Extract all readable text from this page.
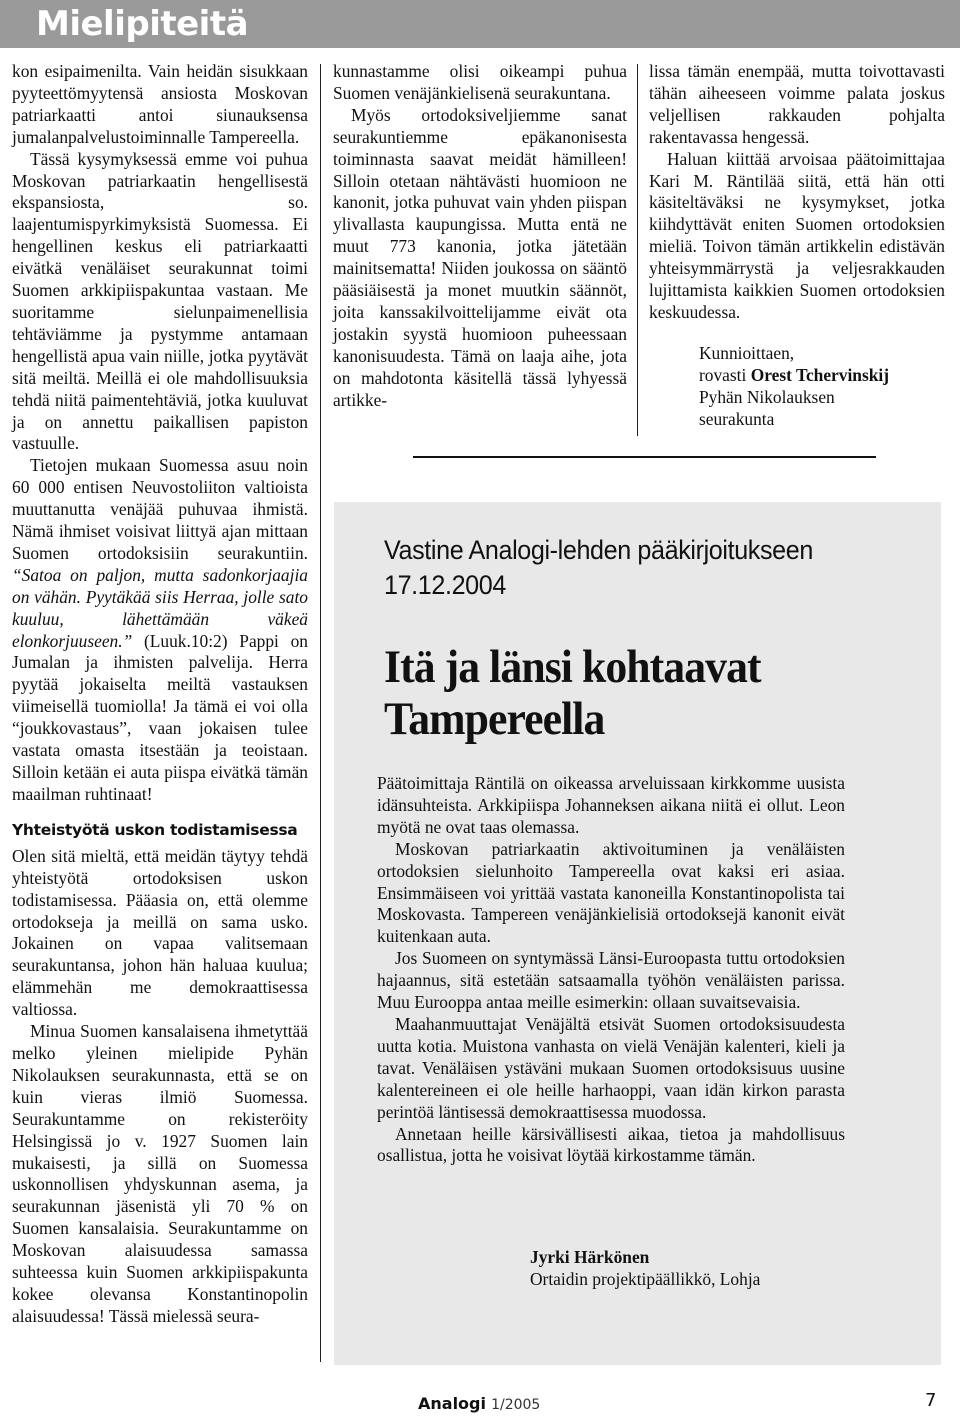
Mielipiteitä

kon esipaimenilta. Vain heidän sisukkaan pyyteettömyytensä ansiosta Moskovan patriarkaatti antoi siunauksensa jumalanpalvelustoiminnalle Tampereella.

Tässä kysymyksessä emme voi puhua Moskovan patriarkaatin hengellisestä ekspansiosta, so. laajentumispyrkimyksistä Suomessa. Ei hengellinen keskus eli patriarkaatti eivätkä venäläiset seurakunnat toimi Suomen arkkipiispakuntaa vastaan. Me suoritamme sielunpaimenellisia tehtäviämme ja pystymme antamaan hengellistä apua vain niille, jotka pyytävät sitä meiltä. Meillä ei ole mahdollisuuksia tehdä niitä paimentehtäviä, jotka kuuluvat ja on annettu paikallisen papiston vastuulle.

Tietojen mukaan Suomessa asuu noin 60 000 entisen Neuvostoliiton valtioista muuttanutta venäjää puhuvaa ihmistä. Nämä ihmiset voisivat liittyä ajan mittaan Suomen ortodoksisiin seurakuntiin. “Satoa on paljon, mutta sadonkorjaajia on vähän. Pyytäkää siis Herraa, jolle sato kuuluu, lähettämään väkeä elonkorjuuseen.” (Luuk.10:2) Pappi on Jumalan ja ihmisten palvelija. Herra pyytää jokaiselta meiltä vastauksen viimeisellä tuomiolla! Ja tämä ei voi olla “joukkovastaus”, vaan jokaisen tulee vastata omasta itsestään ja teoistaan. Silloin ketään ei auta piispa eivätkä tämän maailman ruhtinaat!

Yhteistyötä uskon todistamisessa

Olen sitä mieltä, että meidän täytyy tehdä yhteistyötä ortodoksisen uskon todistamisessa. Pääasia on, että olemme ortodokseja ja meillä on sama usko. Jokainen on vapaa valitsemaan seurakuntansa, johon hän haluaa kuulua; elämmehän me demokraattisessa valtiossa.

Minua Suomen kansalaisena ihmetyttää melko yleinen mielipide Pyhän Nikolauksen seurakunnasta, että se on kuin vieras ilmiö Suomessa. Seurakuntamme on rekisteröity Helsingissä jo v. 1927 Suomen lain mukaisesti, ja sillä on Suomessa uskonnollisen yhdyskunnan asema, ja seurakunnan jäsenistä yli 70 % on Suomen kansalaisia. Seurakuntamme on Moskovan alaisuudessa samassa suhteessa kuin Suomen arkkipiispakunta kokee olevansa Konstantinopolin alaisuudessa! Tässä mielessä seura-

kunnastamme olisi oikeampi puhua Suomen venäjänkielisenä seurakuntana.

Myös ortodoksiveljiemme sanat seurakuntiemme epäkanonisesta toiminnasta saavat meidät hämilleen! Silloin otetaan nähtävästi huomioon ne kanonit, jotka puhuvat vain yhden piispan ylivallasta kaupungissa. Mutta entä ne muut 773 kanonia, jotka jätetään mainitsematta! Niiden joukossa on sääntö pääsiäisestä ja monet muutkin säännöt, joita kanssakilvoittelijamme eivät ota jostakin syystä huomioon puheessaan kanonisuudesta. Tämä on laaja aihe, jota on mahdotonta käsitellä tässä lyhyessä artikke-

lissa tämän enempää, mutta toivottavasti tähän aiheeseen voimme palata joskus veljellisen rakkauden pohjalta rakentavassa hengessä.

Haluan kiittää arvoisaa päätoimittajaa Kari M. Räntilää siitä, että hän otti käsiteltäväksi ne kysymykset, jotka kiihdyttävät eniten Suomen ortodoksien mieliä. Toivon tämän artikkelin edistävän yhteisymmärrystä ja veljesrakkauden lujittamista kaikkien Suomen ortodoksien keskuudessa.

Kunnioittaen,
rovasti Orest Tchervinskij
Pyhän Nikolauksen
seurakunta
Vastine Analogi-lehden pääkirjoitukseen 17.12.2004
Itä ja länsi kohtaavat Tampereella

Päätoimittaja Räntilä on oikeassa arveluissaan kirkkomme uusista idänsuhteista. Arkkipiispa Johanneksen aikana niitä ei ollut. Leon myötä ne ovat taas olemassa.

Moskovan patriarkaatin aktivoituminen ja venäläisten ortodoksien sielunhoito Tampereella ovat kaksi eri asiaa. Ensimmäiseen voi yrittää vastata kanoneilla Konstantinopolista tai Moskovasta. Tampereen venäjänkielisiä ortodoksejä kanonit eivät kuitenkaan auta.

Jos Suomeen on syntymässä Länsi-Euroopasta tuttu ortodoksien hajaannus, sitä estetään satsaamalla työhön venäläisten parissa. Muu Eurooppa antaa meille esimerkin: ollaan suvaitsevaisia.

Maahanmuuttajat Venäjältä etsivät Suomen ortodoksisuudesta uutta kotia. Muistona vanhasta on vielä Venäjän kalenteri, kieli ja tavat. Venäläisen ystäväni mukaan Suomen ortodoksisuus uusine kalentereineen ei ole heille harhaoppi, vaan idän kirkon parasta perintöä läntisessä demokraattisessa muodossa.

Annetaan heille kärsivällisesti aikaa, tietoa ja mahdollisuus osallistua, jotta he voisivat löytää kirkostamme tämän.

Jyrki Härkönen
Ortaidin projektipäällikkö, Lohja
Analogi 1/2005	7
